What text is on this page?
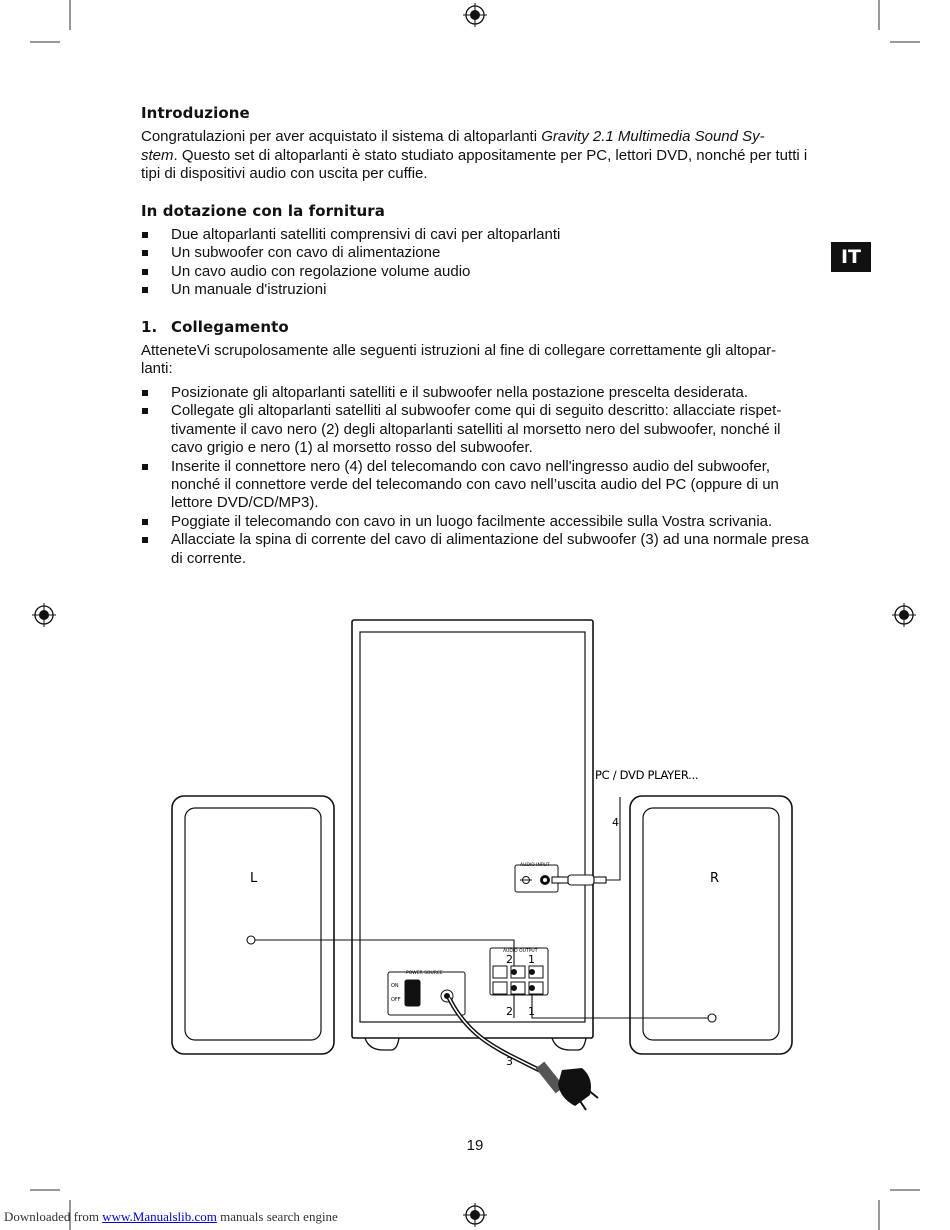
IT
Introduzione

Congratulazioni per aver acquistato il sistema di altoparlanti Gravity 2.1 Multimedia Sound Sy-
stem. Questo set di altoparlanti è stato studiato appositamente per PC, lettori DVD, nonché per tutti i tipi di dispositivi audio con uscita per cuffie.

In dotazione con la fornitura
Due altoparlanti satelliti comprensivi di cavi per altoparlanti
Un subwoofer con cavo di alimentazione
Un cavo audio con regolazione volume audio
Un manuale d'istruzioni
1. Collegamento

AtteneteVi scrupolosamente alle seguenti istruzioni al fine di collegare correttamente gli altopar-
lanti:

Posizionate gli altoparlanti satelliti e il subwoofer nella postazione prescelta desiderata.
Collegate gli altoparlanti satelliti al subwoofer come qui di seguito descritto: allacciate rispet-tivamente il cavo nero (2) degli altoparlanti satelliti al morsetto nero del subwoofer, nonché il cavo grigio e nero (1) al morsetto rosso del subwoofer.
Inserite il connettore nero (4) del telecomando con cavo nell'ingresso audio del subwoofer, nonché il connettore verde del telecomando con cavo nell’uscita audio del PC (oppure di un lettore DVD/CD/MP3).
Poggiate il telecomando con cavo in un luogo facilmente accessibile sulla Vostra scrivania.
Allacciate la spina di corrente del cavo di alimentazione del subwoofer (3) ad una normale presa di corrente.
L	R
PC / DVD PLAYER...
4
AUDIO INPUT
AUDIO OUTPUT
POWER SOURCE
ON
OFF
2 1
2 1
3
19
Downloaded from www.Manualslib.com manuals search engine
